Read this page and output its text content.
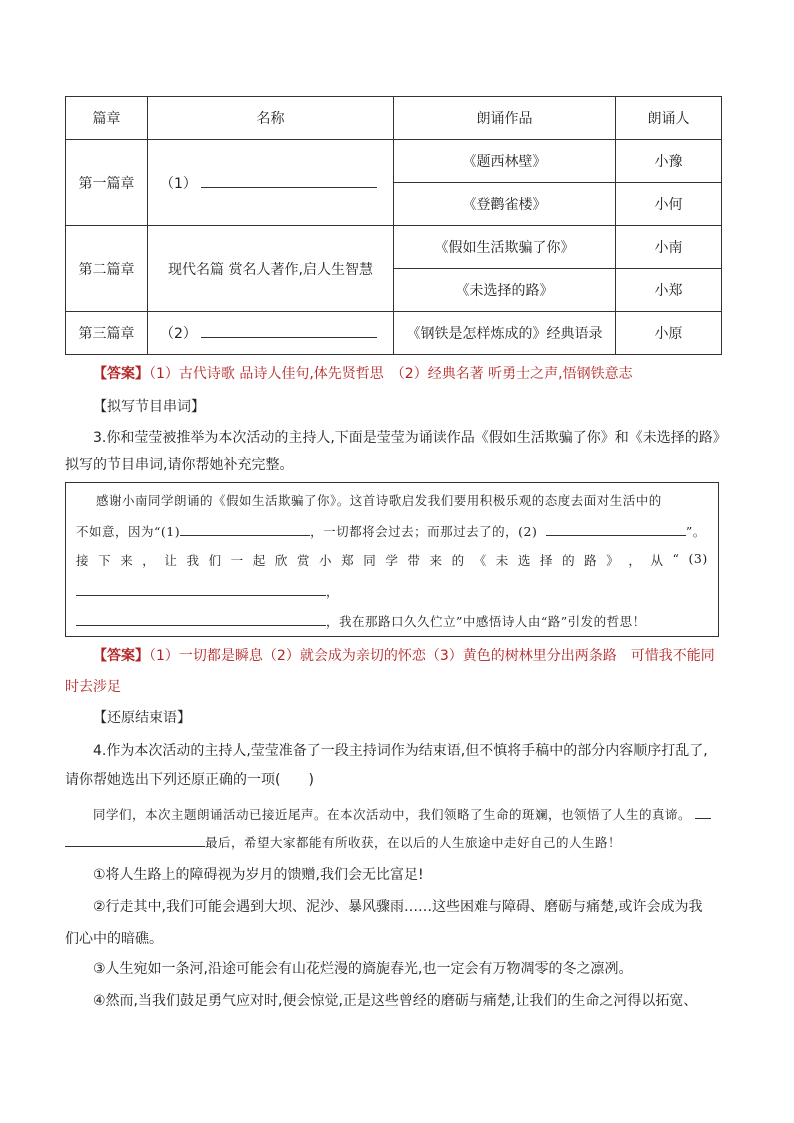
篇章	名称	朗诵作品	朗诵人
第一篇章	（1）	《题西林壁》	小豫
		《登鹳雀楼》	小何
第二篇章	现代名篇 赏名人著作,启人生智慧	《假如生活欺骗了你》	小南
		《未选择的路》	小郑
第三篇章	（2）	《钢铁是怎样炼成的》经典语录	小原
【答案】（1）古代诗歌 品诗人佳句,体先贤哲思　（2）经典名著 听勇士之声,悟钢铁意志
【拟写节目串词】
3.你和莹莹被推举为本次活动的主持人,下面是莹莹为诵读作品《假如生活欺骗了你》和《未选择的路》
拟写的节目串词,请你帮她补充完整。
感谢小南同学朗诵的《假如生活欺骗了你》。这首诗歌启发我们要用积极乐观的态度去面对生活中的
不如意，因为“(1)	，一切都将会过去；而那过去了的，(2)	”。
接 下 来 ， 让 我 们 一 起 欣 赏 小 郑 同 学 带 来 的 《 未 选 择 的 路 》 ， 从 “ (3)
，
，我在那路口久久伫立”中感悟诗人由“路”引发的哲思！
【答案】（1）一切都是瞬息（2）就会成为亲切的怀恋（3）黄色的树林里分出两条路　可惜我不能同
时去涉足
【还原结束语】
4.作为本次活动的主持人,莹莹准备了一段主持词作为结束语,但不慎将手稿中的部分内容顺序打乱了,
请你帮她选出下列还原正确的一项(　　)
同学们，本次主题朗诵活动已接近尾声。在本次活动中，我们领略了生命的斑斓，也领悟了人生的真谛。
最后，希望大家都能有所收获，在以后的人生旅途中走好自己的人生路！
①将人生路上的障碍视为岁月的馈赠,我们会无比富足!
②行走其中,我们可能会遇到大坝、泥沙、暴风骤雨……这些困难与障碍、磨砺与痛楚,或许会成为我
们心中的暗礁。
③人生宛如一条河,沿途可能会有山花烂漫的旖旎春光,也一定会有万物凋零的冬之凛冽。
④然而,当我们鼓足勇气应对时,便会惊觉,正是这些曾经的磨砺与痛楚,让我们的生命之河得以拓宽、
